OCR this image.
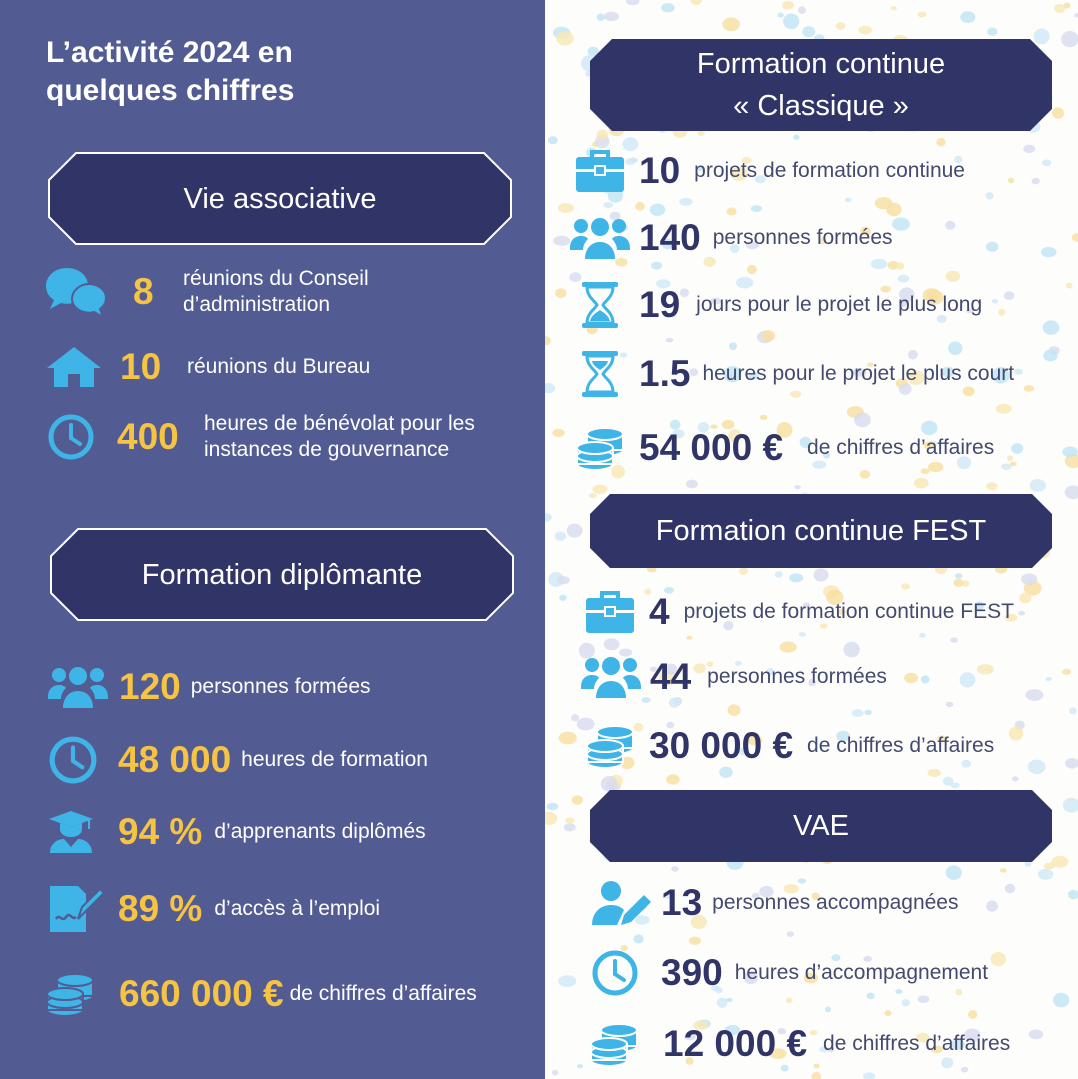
L’activité 2024 en quelques chiffres
Vie associative
8	réunions du Conseil d’administration
10	réunions du Bureau
400	heures de bénévolat pour les instances de gouvernance
Formation diplômante
120 personnes formées
48 000 heures de formation
94 % d’apprenants diplômés
89 % d’accès à l’emploi
660 000 € de chiffres d’affaires
Formation continue
« Classique »
10 projets de formation continue
140 personnes formées
19 jours pour le projet le plus long
1.5 heures pour le projet le plus court
54 000 € de chiffres d’affaires
Formation continue FEST
4 projets de formation continue FEST
44 personnes formées
30 000 € de chiffres d’affaires
VAE
13 personnes accompagnées
390 heures d’accompagnement
12 000 € de chiffres d’affaires
